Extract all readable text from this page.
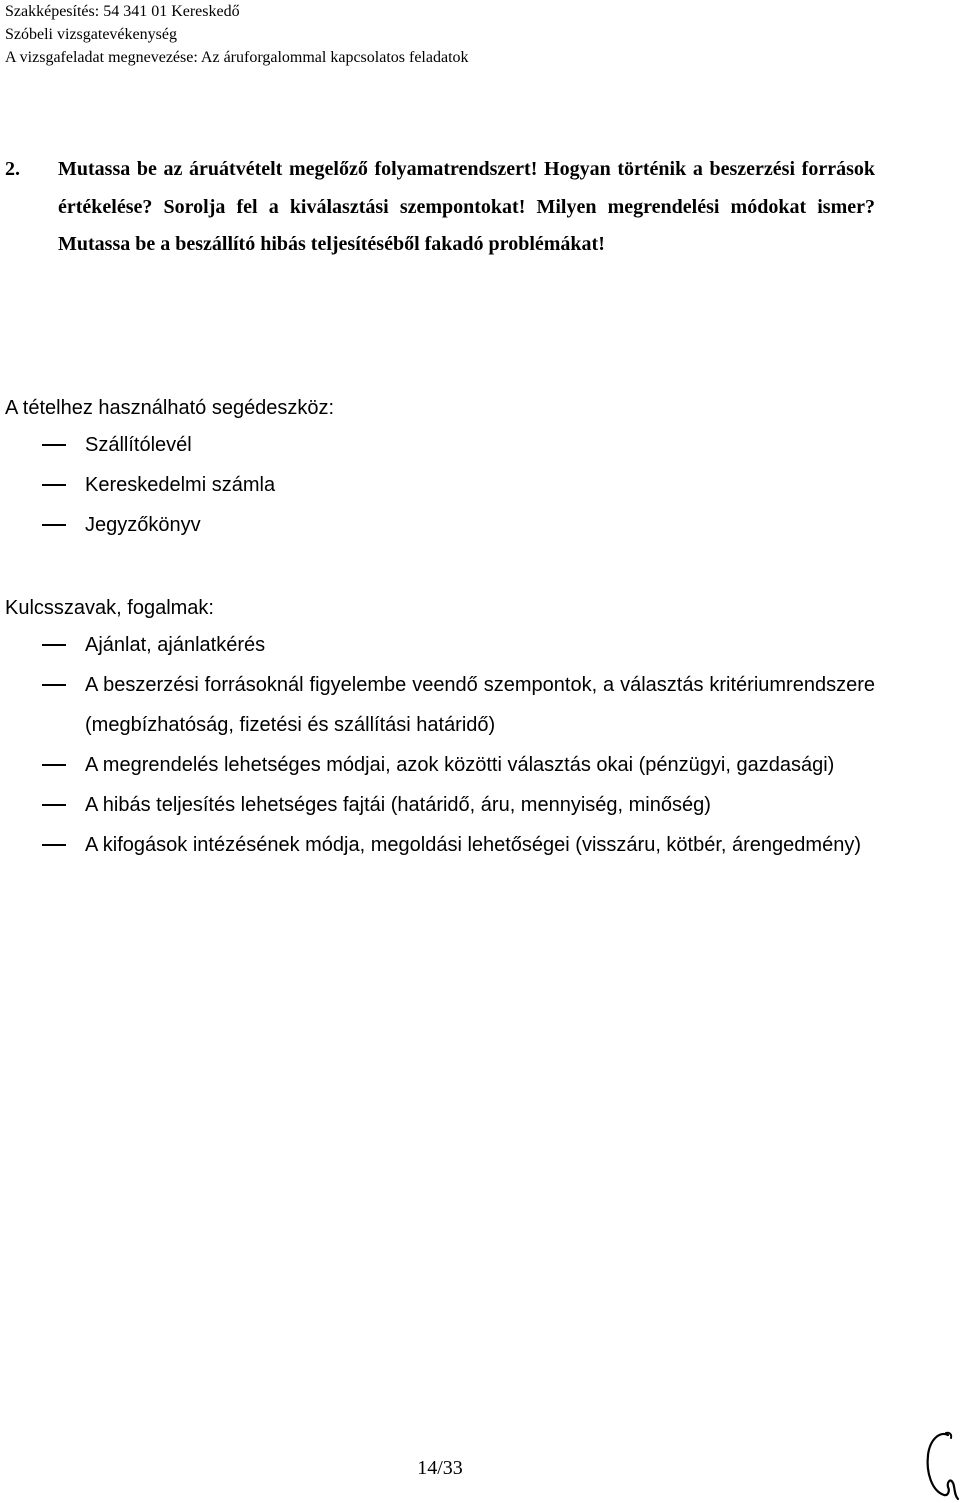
Szakképesítés: 54 341 01 Kereskedő
Szóbeli vizsgatevékenység
A vizsgafeladat megnevezése: Az áruforgalommal kapcsolatos feladatok
2. Mutassa be az áruátvételt megelőző folyamatrendszert! Hogyan történik a beszerzési források értékelése? Sorolja fel a kiválasztási szempontokat! Milyen megrendelési módokat ismer? Mutassa be a beszállító hibás teljesítéséből fakadó problémákat!
A tételhez használható segédeszköz:
Szállítólevél
Kereskedelmi számla
Jegyzőkönyv
Kulcsszavak, fogalmak:
Ajánlat, ajánlatkérés
A beszerzési forrásoknál figyelembe veendő szempontok, a választás kritériumrendszere (megbízhatóság, fizetési és szállítási határidő)
A megrendelés lehetséges módjai, azok közötti választás okai (pénzügyi, gazdasági)
A hibás teljesítés lehetséges fajtái (határidő, áru, mennyiség, minőség)
A kifogások intézésének módja, megoldási lehetőségei (visszáru, kötbér, árengedmény)
14/33
